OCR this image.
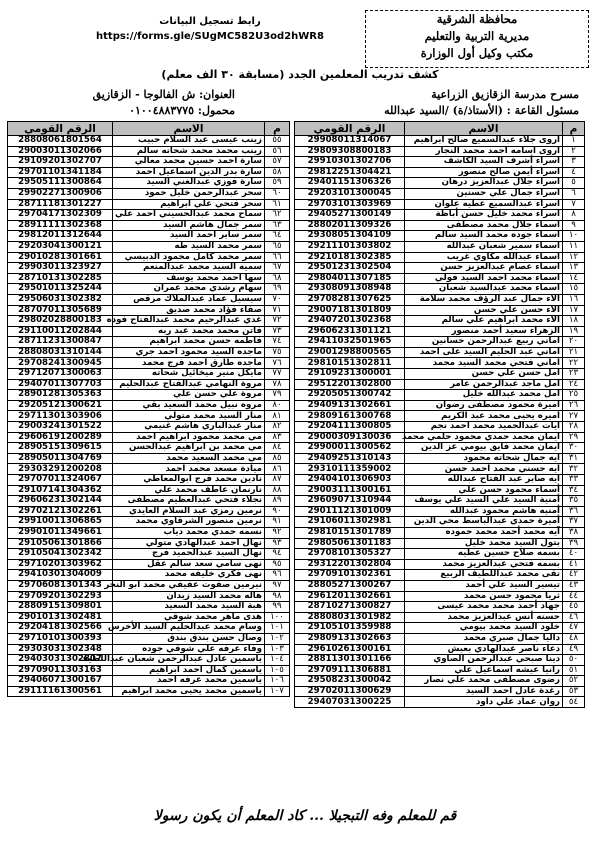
محافظة الشرقية
مديرية التربية والتعليم
مكتب وكيل أول الوزارة
رابط تسجيل البيانات
https://forms.gle/SUgMC582U3od2hWR8
كشف تدريب المعلمين الجدد (مسابقة ٣٠ الف معلم)
مسرح مدرسة الزقازيق الزراعية
مسئول القاعة : (الأستاذ/ة) /السيد عبدالله
العنوان: ش الفالوجا - الزقازيق
محمول: ٠١٠٠٤٨٨٣٧٧٥
م	الاسم	الرقم القومي
١	اروى جلاء عبدالسميع صالح ابراهيم	29908011314067
٢	اروى اسامه احمد محمد النجار	29809308800183
٣	اسراء أشرف السيد الكاشف	29910301302706
٤	اسراء أيمن صالح منصور	29812251304421
٥	اسراء جلال عبدالعزيز درهان	29401151306326
٦	اسراء جمال علي حسنين	29203101300045
٧	اسراء عبدالسميع عطيه علوان	29703101303969
٨	اسراء محمد خليل حسن أباظة	29405271300149
٩	اسماء جلال محمد مصطفى	28802011309326
١٠	اسماء جوده محمد السيد سالم	29308051304109
١١	اسماء سمير شعبان عبدالله	29211101303802
١٢	اسماء عبدالله مكاوي غريب	29210181302385
١٣	اسماء عصام عبدالعزيز حسن	29501231302504
١٤	اسماء محمد احمد السيد فولي	29804011307185
١٥	اسماء محمد عبدالسيد شعبان	29308091308948
١٦	الاء جمال عبد الرؤف محمد سلامة	29708281307625
١٧	الاء حسن علي حسن	29007181301809
١٨	الاء محمد ابراهيم علي سالم	29407201302368
١٩	الزهراء سعيد أحمد منصور	29606231301121
٢٠	اماني ربيع عبدالرحمن حسانين	29411032501965
٢١	اماني عبد الحليم السيد على احمد	29001298800565
٢٢	اماني فتحي محمد السيد محمد	29810151302811
٢٣	امل حسن علي حسن	29109231300001
٢٤	امل ماجد عبدالرحمن عامر	29512201302800
٢٥	امل محمد عبدالله خليل	29205051300742
٢٦	اميرة محمود مصطفى رضوان	29409131302661
٢٧	اميره يحيى محمد عبد الكريم	29809161300768
٢٨	ايات عبدالحميد محمد احمد نجم	29204111300805
٢٩	ايمان محمد حمدي محمود حلمي محمد	29000309130036
٣٠	ايمان محمد فايق بيومي عز الدين	29900011300562
٣١	ايه جمال شحاته محمود	29409251310143
٣٢	ايه حسني محمد احمد حسن	29310111359002
٣٣	ايه صابر عبد الفتاح عبدالله	29404101306903
٣٤	أسماء محمود حسن علي	29003111300161
٣٥	أمنية السيد علي السيد علي يوسف	29609071310944
٣٦	أمنيه هاشم محمود عبدالله	29011121301009
٣٧	أميرة حمدي عبدالباسط محي الدين	29106011302981
٣٨	آيه محمد أحمد محمد حموده	29810151301789
٣٩	بتول السيد محمد خليل	29805061301183
٤٠	بسمه صلاح حسين عطيه	29708101305327
٤١	بسمه فتحي عبدالعزيز محمد	29312201302804
٤٢	تقى محمد عبداللطيف الربيع	29709101302361
٤٣	تيسير السيد علي أحمد	28805271300267
٤٤	ثريا محمود حسن محمد	29612011302661
٤٥	جهاد أحمد محمد محمد عيسى	28710271300827
٤٦	حسنه أنس عبدالعزيز محمد	28808031301982
٤٧	خلود السيد محمد بيومي	29105101359988
٤٨	داليا جمال صبري محمد	29809131302663
٤٩	دعاء ناصر عبدالهادي بعيش	29610261300161
٥٠	دينا صبحي عبدالرحمن الصاوي	28811301301166
٥١	رانيا عيشه اسماعيل علي	29709111306881
٥٢	رضوى مصطفى محمد علي نصار	29508231300042
٥٣	رغدة عادل احمد السيد	29702011300629
٥٤	روان عماد علي داود	29407031300225
م	الاسم	الرقم القومي
٥٥	زينب عيسى عبد السلام حبيب	28808061801564
٥٦	زينب محمد محمد شحاته سالم	29003011302066
٥٧	سارة احمد حسين محمد معالي	29109201302707
٥٨	سارة بدر الدين اسماعيل احمد	29701101341184
٥٩	سارة فوزي عبدالغني السيد	29505111300864
٦٠	سحر عبدالرحمن خليل حمود	29902271300906
٦١	سحر فتحي علي ابراهيم	28711181301227
٦٢	سماح محمد عبدالحسيني احمد علي	29704171302309
٦٣	سمر جمال هاشم السيد	28911111302368
٦٤	سمر ساير احمد السيد	29812011312644
٦٥	سمر محمد السيد طه	29203041300121
٦٦	سمر محمد كامل محمود الدبيسي	29010281301661
٦٧	سميه السيد محمد عبدالمنعم	29903011323927
٦٨	سها احمد محمد يوسف	28710131302285
٦٩	سهام رشدي محمد عمران	29501011325244
٧٠	سيسيل عماد عبدالملاك مرقص	29506031302382
٧١	صفاء فؤاد محمد صديق	28707011305689
٧٢	غدي عبدالرحيم محمد عبدالفتاح فوده	29802028800183
٧٣	فاتن محمد محمد عبد ربه	29110011202844
٧٤	فاطمه حسن محمد ابراهيم	28711231300847
٧٥	ماجده السيد محمود احمد جري	28808031310144
٧٦	ماجده طارق احمد فرج محمد	29708241300945
٧٧	مايكل منير ميخائيل شحاته	29712071300063
٧٨	مروة النهامي عبدالفتاح عبدالحليم	29407011307703
٧٩	مروة علي حسن علي	28901281305363
٨٠	مروه نبيل محمد السعيد بقي	29205121300621
٨١	منار السيد محمد متولي	29711301303906
٨٢	منار عبدالباري هاشم غنيمي	29003241301522
٨٣	مي محمد محمود ابراهيم احمد	29606191200289
٨٤	مي محمد بن ابراهيم عبدالحسن	28905151309615
٨٥	مي محمد السعيد محمد	28905011304769
٨٦	ميادة مسعد محمد احمد	29303291200208
٨٧	نادين محمد فرج ابوالمعاطي	29707011324067
٨٨	نارنمان عاطف محمد علي	29107141304362
٨٩	نجلاء فتحي عبدالعظيم مصطفى	29606231302144
٩٠	نرمين رمزي عبد السلام العايدي	29702121302261
٩١	نرمين منصور الشرقاوي محمد	29910011306865
٩٢	نسمه حمدي محمد دياب	29901011349661
٩٣	نهال احمد عبدالهادي متولي	29105061301866
٩٤	نهال السيد عبدالحميد فرج	29105041302342
٩٥	نهى سامي سعد سالم عقل	29710201303962
٩٦	نهى فكري خليفه محمد	29410301304009
٩٧	نيرمين صفوت عفيفي محمد ابو النجر	29706081301343
٩٨	هاله محمد السيد زيدان	29709201302293
٩٩	هبة السيد محمد السعيد	28809151309801
١٠٠	هدى ماهر محمد شوقي	29010131302481
١٠١	وسام محمد عبدالحليم السيد الأخرس	29204181302566
١٠٢	وصال حسن بندق بندق	29710101300393
١٠٣	وفاء عرفه علي شوقي جوده	29303031302348
١٠٤	ياسمين عادل عبدالرحمن شعبان عبداللطيف	29403031302807
١٠٥	ياسمين كمال احمد ابراهيم	29709011303163
١٠٦	ياسمين محمد عرفه احمد	29406071300167
١٠٧	ياسمين محمد يحيى محمد ابراهيم	29111161300561
قم للمعلم وفه التبجيلا ... كاد المعلم أن يكون رسولا
